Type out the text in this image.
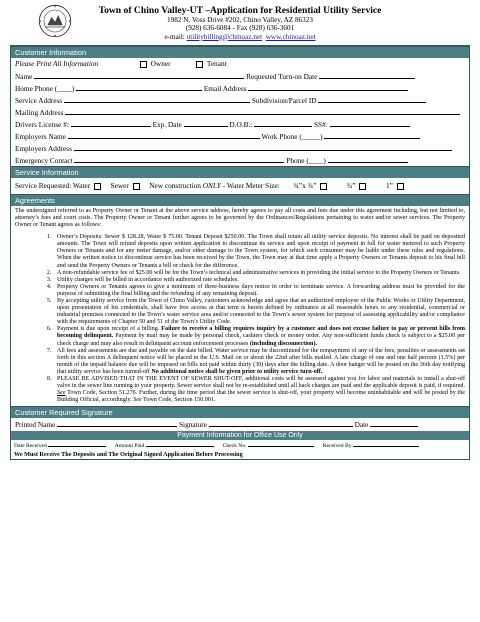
Town of Chino Valley-UT –Application for Residential Utility Service
1982 N. Voss Drive #202, Chino Valley, AZ 86323
(928) 636-6084 - Fax (928) 636-3601
e-mail: utilitybilling@chinoaz.net www.chinoaz.net
Customer Information
Please Print All Information	Owner	Tenant
Name	Requested Turn-on Date
Home Phone (____)	Email Address
Service Address	Subdivision/Parcel ID
Mailing Address
Drivers License #:	Exp. Date	D.O.B.:	SS#:
Employers Name	Work Phone (_____)
Employers Address
Emergency Contact	Phone (____)
Service Information
Service Requested: Water	Sewer	New construction ONLY - Water Meter Size: ¾”x ¾”	¾”	1”
Agreements
The undersigned referred to as Property Owner or Tenant at the above service address, hereby agrees to pay all costs and fees due under this agreement including, but not limited to, attorney’s fees and court costs. The Property Owner or Tenant further agrees to be governed by the Ordinances/Regulations pertaining to water and/or sewer services. The Property Owner or Tenant agrees as follows:
1. Owner’s Deposits: Sewer $ 128.28, Water $ 75.00. Tenant Deposit $250.00. The Town shall retain all utility service deposits. No interest shall be paid on deposited amounts. The Town will refund deposits upon written application to discontinue its service and upon receipt of payment in full for water metered to such Property Owners or Tenants and for any meter damage, and/or other damage to the Town system, for which such consumer may be liable under these rules and regulations. When the written notice to discontinue service has been received by the Town, the Town may at that time apply a Property Owners or Tenants deposit to his final bill and send the Property Owners or Tenants a bill or check for the difference.
2. A non-refundable service fee of $25.00 will be for the Town’s technical and administrative services in providing the initial service to the Property Owners or Tenants.
3. Utility charges will be billed in accordance with authorized rate schedules.
4. Property Owners or Tenants agrees to give a minimum of three-business days notice in order to terminate service. A forwarding address must be provided for the purpose of submitting the final billing and the refunding of any remaining deposit.
5. By accepting utility service from the Town of Chino Valley, customers acknowledge and agree that an authorized employee of the Public Works or Utility Department, upon presentation of his credentials, shall have free access at that term is herein defined by ordinance at all reasonable hours to any residential, commercial or industrial premises connected to the Town’s water service area and/or connected to the Town’s sewer system for purpose of assessing applicability and/or compliance with the requirements of Chapter 50 and 51 of the Town’s Utility Code.
6. Payment is due upon receipt of a billing. Failure to receive a billing requires inquiry by a customer and does not excuse failure to pay or prevent bills from becoming delinquent. Payment by mail may be made by personal check, cashiers check or money order. Any non-sufficient funds check is subject to a $25.00 per check charge and may also result in delinquent account enforcement processes (including disconnection).
7. All fees and assessments are due and payable on the date billed. Water service may be discontinued for the nonpayment of any of the fees, penalties or assessments set forth in this section A delinquent notice will be placed in the U.S. Mail on or about the 22nd after bills mailed. A late charge of one and one half percent (1.5%) per month of the unpaid balance due will be imposed on bills not paid within thirty (30) days after the billing date. A door hanger will be posted on the 36th day notifying that utility service has been turned-off No additional notice shall be given prior to utility service turn-off.
8. PLEASE BE ADVISED THAT IN THE EVENT OF SEWER SHUT-OFF, additional costs will be assessed against you for labor and materials to install a shut-off valve in the sewer line running to your property. Sewer service shall not be re-established until all back charges are paid and the applicable deposit is paid, if required. See Town Code, Section 51.276. Further, during the time period that the sewer service is shut-off, your property will become uninhabitable and will be posted by the Building Official, accordingly. See Town Code, Section 150.001.
Customer Required Signature
Printed Name	Signature	Date
Payment Information for Office Use Only
Date Received	Amount Paid	Check No.	Received By
We Must Receive The Deposits and The Original Signed Application Before Processing
